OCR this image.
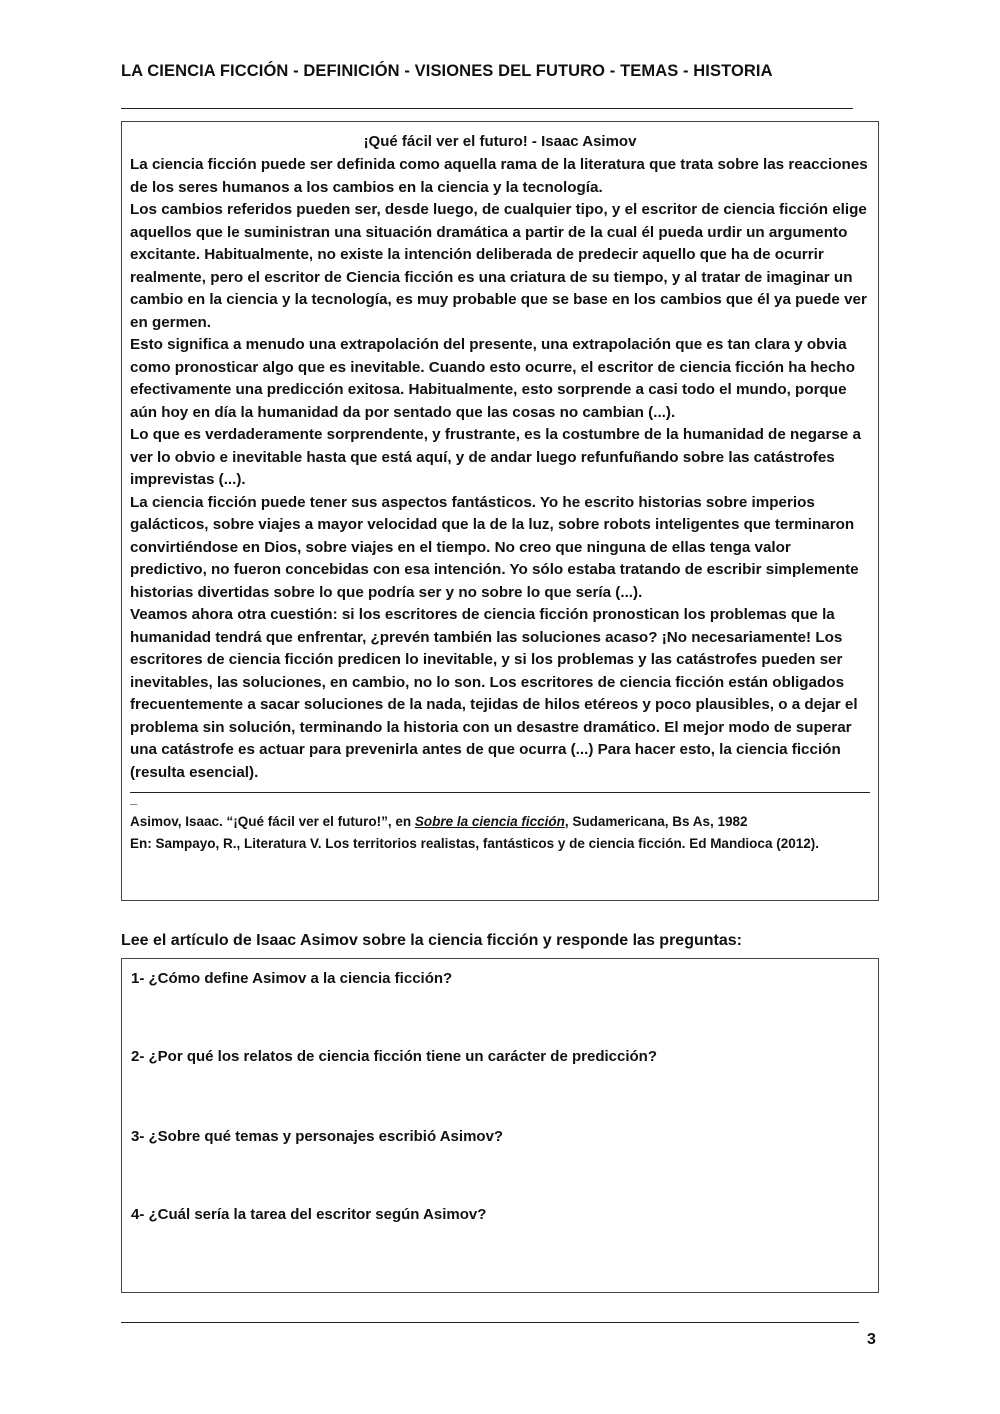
LA CIENCIA FICCIÓN - DEFINICIÓN - VISIONES DEL FUTURO - TEMAS - HISTORIA
¡Qué fácil ver el futuro! - Isaac Asimov

La ciencia ficción puede ser definida como aquella rama de la literatura que trata sobre las reacciones de los seres humanos a los cambios en la ciencia y la tecnología.

Los cambios referidos pueden ser, desde luego, de cualquier tipo, y el escritor de ciencia ficción elige aquellos que le suministran una situación dramática a partir de la cual él pueda urdir un argumento excitante. Habitualmente, no existe la intención deliberada de predecir aquello que ha de ocurrir realmente, pero el escritor de Ciencia ficción es una criatura de su tiempo, y al tratar de imaginar un cambio en la ciencia y la tecnología, es muy probable que se base en los cambios que él ya puede ver en germen.

Esto significa a menudo una extrapolación del presente, una extrapolación que es tan clara y obvia como pronosticar algo que es inevitable. Cuando esto ocurre, el escritor de ciencia ficción ha hecho efectivamente una predicción exitosa. Habitualmente, esto sorprende a casi todo el mundo, porque aún hoy en día la humanidad da por sentado que las cosas no cambian (...).

Lo que es verdaderamente sorprendente, y frustrante, es la costumbre de la humanidad de negarse a ver lo obvio e inevitable hasta que está aquí, y de andar luego refunfuñando sobre las catástrofes imprevistas (...).

La ciencia ficción puede tener sus aspectos fantásticos. Yo he escrito historias sobre imperios galácticos, sobre viajes a mayor velocidad que la de la luz, sobre robots inteligentes que terminaron convirtiéndose en Dios, sobre viajes en el tiempo. No creo que ninguna de ellas tenga valor predictivo, no fueron concebidas con esa intención. Yo sólo estaba tratando de escribir simplemente historias divertidas sobre lo que podría ser y no sobre lo que sería (...).

Veamos ahora otra cuestión: si los escritores de ciencia ficción pronostican los problemas que la humanidad tendrá que enfrentar, ¿prevén también las soluciones acaso? ¡No necesariamente! Los escritores de ciencia ficción predicen lo inevitable, y si los problemas y las catástrofes pueden ser inevitables, las soluciones, en cambio, no lo son. Los escritores de ciencia ficción están obligados frecuentemente a sacar soluciones de la nada, tejidas de hilos etéreos y poco plausibles, o a dejar el problema sin solución, terminando la historia con un desastre dramático. El mejor modo de superar una catástrofe es actuar para prevenirla antes de que ocurra (...) Para hacer esto, la ciencia ficción (resulta esencial).

_

Asimov, Isaac. “¡Qué fácil ver el futuro!”, en Sobre la ciencia ficción, Sudamericana, Bs As, 1982

En: Sampayo, R., Literatura V. Los territorios realistas, fantásticos y de ciencia ficción. Ed Mandioca (2012).

Lee el artículo de Isaac Asimov sobre la ciencia ficción y responde las preguntas:
1- ¿Cómo define Asimov a la ciencia ficción?
2- ¿Por qué los relatos de ciencia ficción tiene un carácter de predicción?
3- ¿Sobre qué temas y personajes escribió Asimov?
4- ¿Cuál sería la tarea del escritor según Asimov?
3
